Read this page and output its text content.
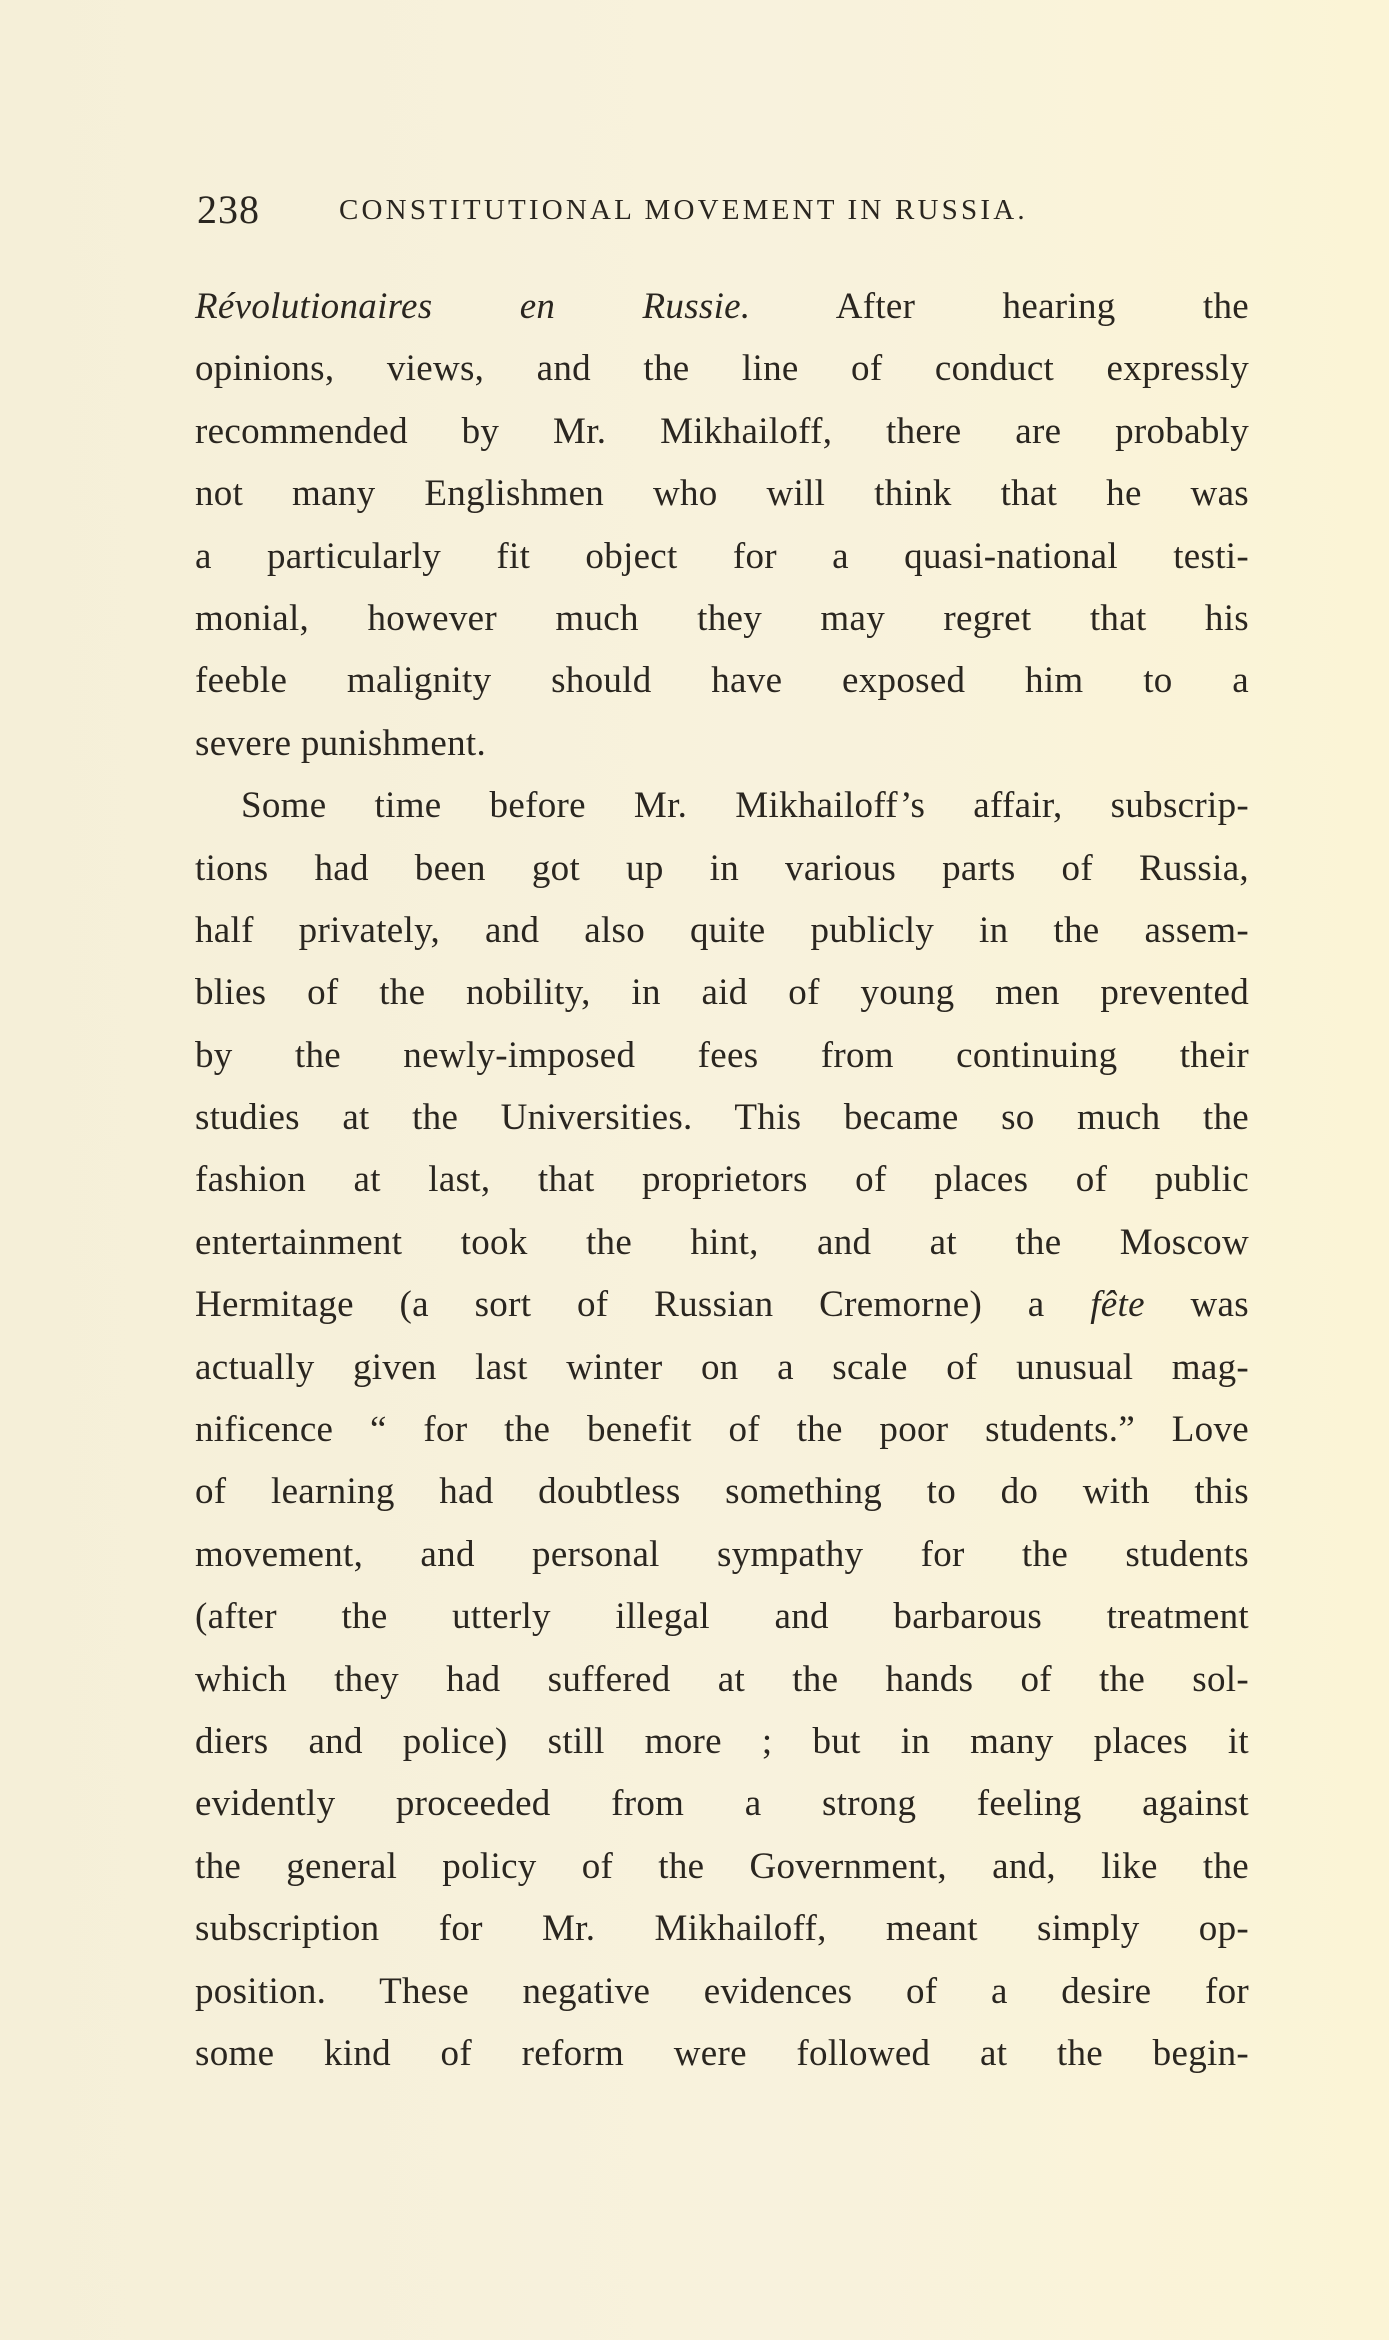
238	CONSTITUTIONAL MOVEMENT IN RUSSIA.
Révolutionaires en Russie. After hearing the
opinions, views, and the line of conduct expressly
recommended by Mr. Mikhailoff, there are probably
not many Englishmen who will think that he was
a particularly fit object for a quasi-national testi-
monial, however much they may regret that his
feeble malignity should have exposed him to a
severe punishment.
Some time before Mr. Mikhailoff’s affair, subscrip-
tions had been got up in various parts of Russia,
half privately, and also quite publicly in the assem-
blies of the nobility, in aid of young men prevented
by the newly-imposed fees from continuing their
studies at the Universities. This became so much the
fashion at last, that proprietors of places of public
entertainment took the hint, and at the Moscow
Hermitage (a sort of Russian Cremorne) a fête was
actually given last winter on a scale of unusual mag-
nificence “ for the benefit of the poor students.” Love
of learning had doubtless something to do with this
movement, and personal sympathy for the students
(after the utterly illegal and barbarous treatment
which they had suffered at the hands of the sol-
diers and police) still more ; but in many places it
evidently proceeded from a strong feeling against
the general policy of the Government, and, like the
subscription for Mr. Mikhailoff, meant simply op-
position. These negative evidences of a desire for
some kind of reform were followed at the begin-
